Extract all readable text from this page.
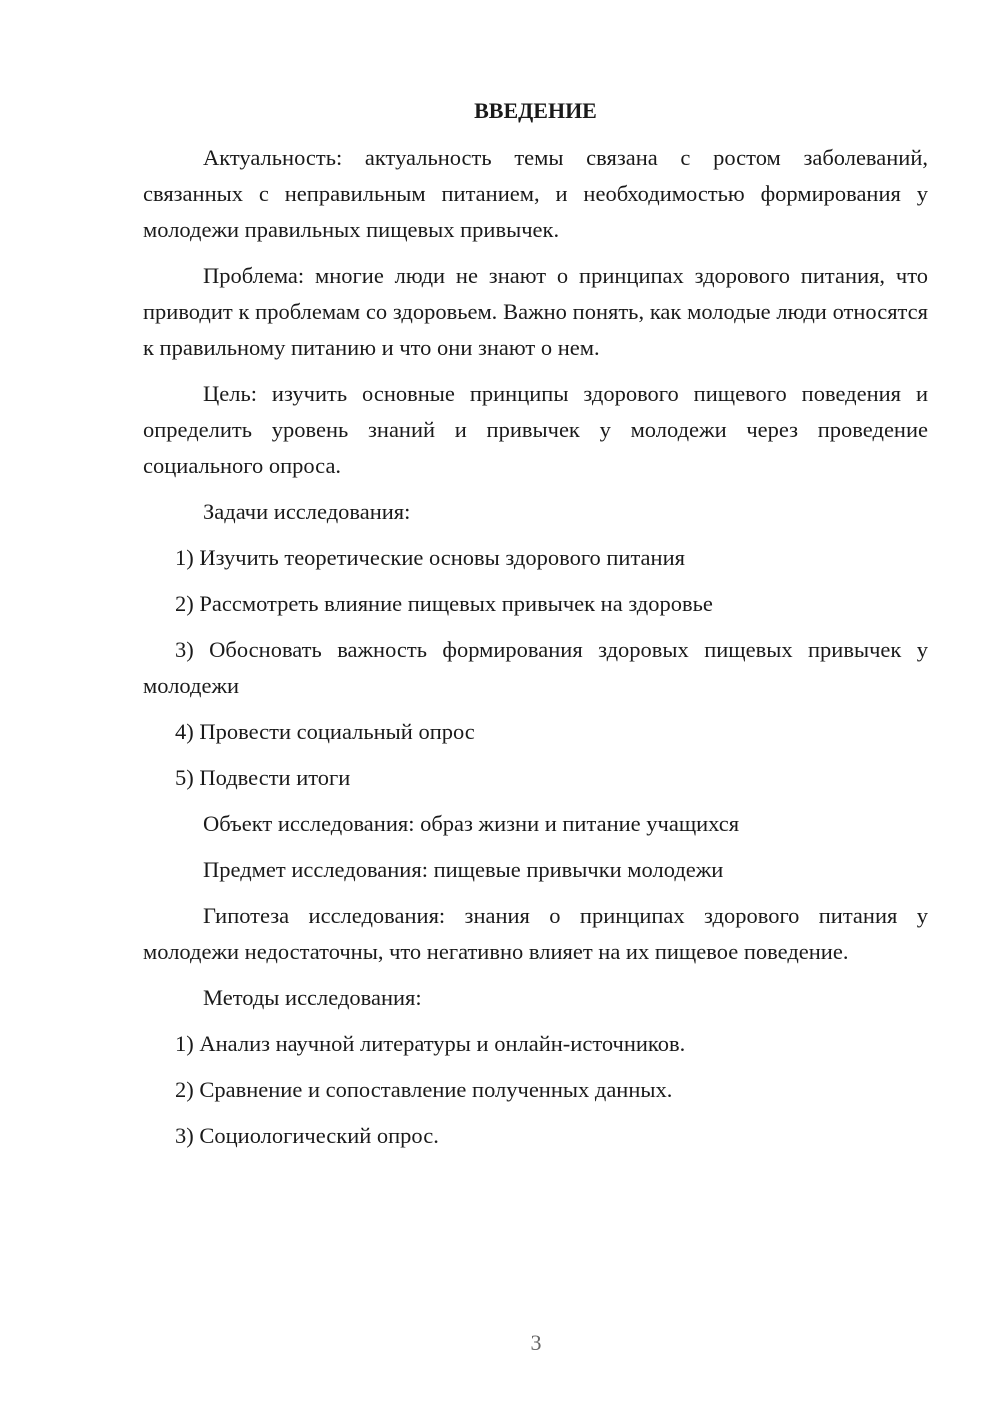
ВВЕДЕНИЕ

Актуальность: актуальность темы связана с ростом заболеваний, связанных с неправильным питанием, и необходимостью формирования у молодежи правильных пищевых привычек.

Проблема: многие люди не знают о принципах здорового питания, что приводит к проблемам со здоровьем. Важно понять, как молодые люди относятся к правильному питанию и что они знают о нем.

Цель: изучить основные принципы здорового пищевого поведения и определить уровень знаний и привычек у молодежи через проведение социального опроса.

Задачи исследования:

1) Изучить теоретические основы здорового питания

2) Рассмотреть влияние пищевых привычек на здоровье

3) Обосновать важность формирования здоровых пищевых привычек у молодежи

4) Провести социальный опрос

5) Подвести итоги

Объект исследования: образ жизни и питание учащихся

Предмет исследования: пищевые привычки молодежи

Гипотеза исследования: знания о принципах здорового питания у молодежи недостаточны, что негативно влияет на их пищевое поведение.

Методы исследования:

1) Анализ научной литературы и онлайн-источников.

2) Сравнение и сопоставление полученных данных.

3) Социологический опрос.

3
